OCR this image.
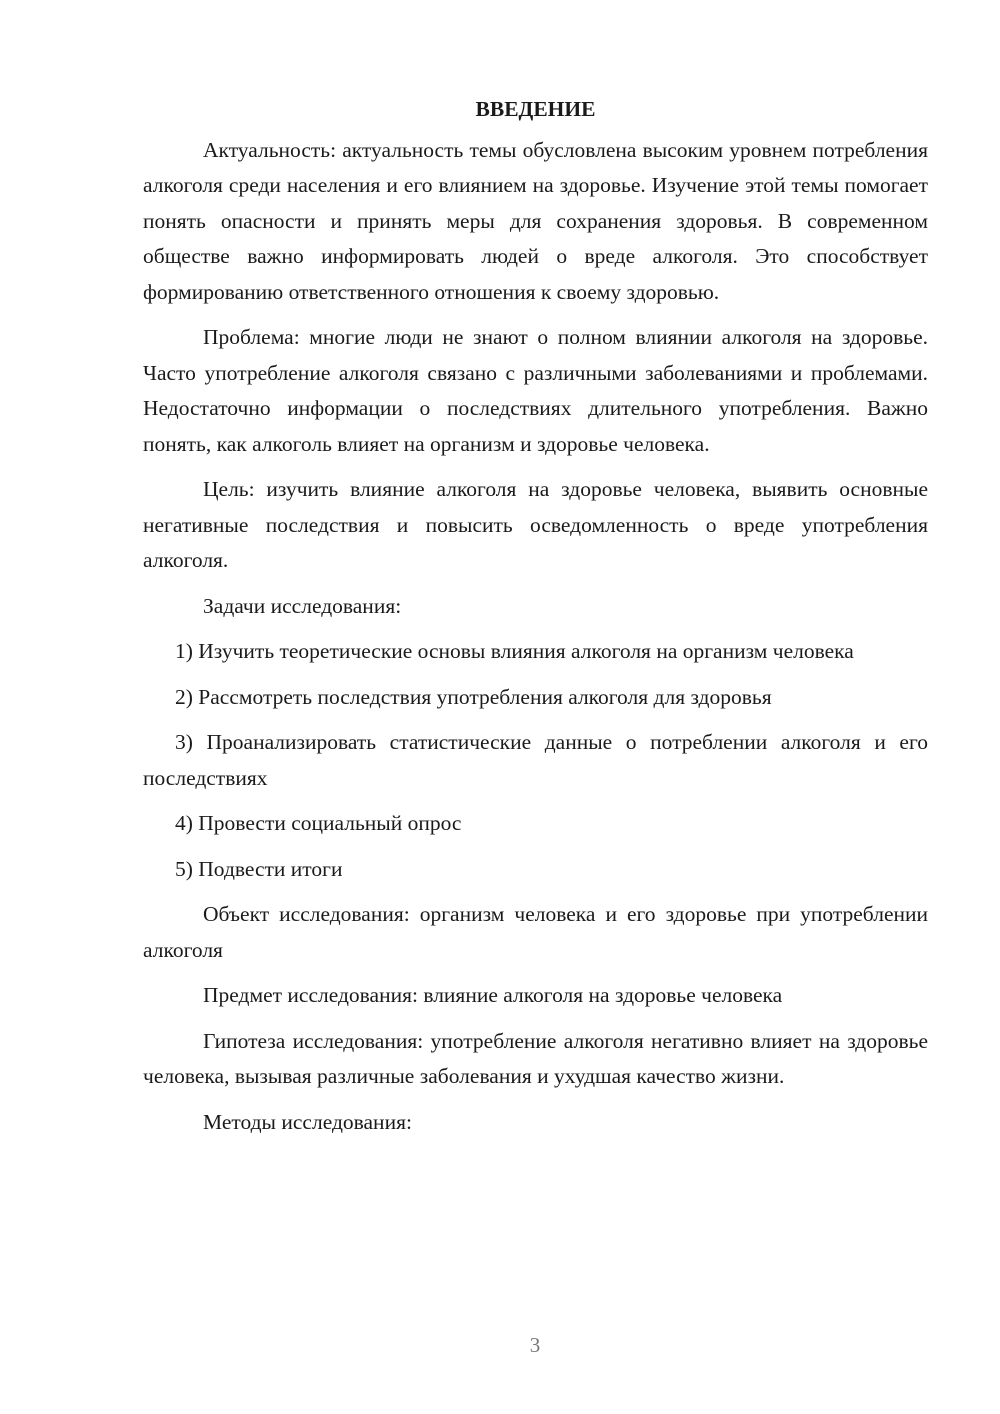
ВВЕДЕНИЕ

Актуальность: актуальность темы обусловлена высоким уровнем потребления алкоголя среди населения и его влиянием на здоровье. Изучение этой темы помогает понять опасности и принять меры для сохранения здоровья. В современном обществе важно информировать людей о вреде алкоголя. Это способствует формированию ответственного отношения к своему здоровью.

Проблема: многие люди не знают о полном влиянии алкоголя на здоровье. Часто употребление алкоголя связано с различными заболеваниями и проблемами. Недостаточно информации о последствиях длительного употребления. Важно понять, как алкоголь влияет на организм и здоровье человека.

Цель: изучить влияние алкоголя на здоровье человека, выявить основные негативные последствия и повысить осведомленность о вреде употребления алкоголя.

Задачи исследования:

1) Изучить теоретические основы влияния алкоголя на организм человека

2) Рассмотреть последствия употребления алкоголя для здоровья

3) Проанализировать статистические данные о потреблении алкоголя и его последствиях

4) Провести социальный опрос

5) Подвести итоги

Объект исследования: организм человека и его здоровье при употреблении алкоголя

Предмет исследования: влияние алкоголя на здоровье человека

Гипотеза исследования: употребление алкоголя негативно влияет на здоровье человека, вызывая различные заболевания и ухудшая качество жизни.

Методы исследования:

3
